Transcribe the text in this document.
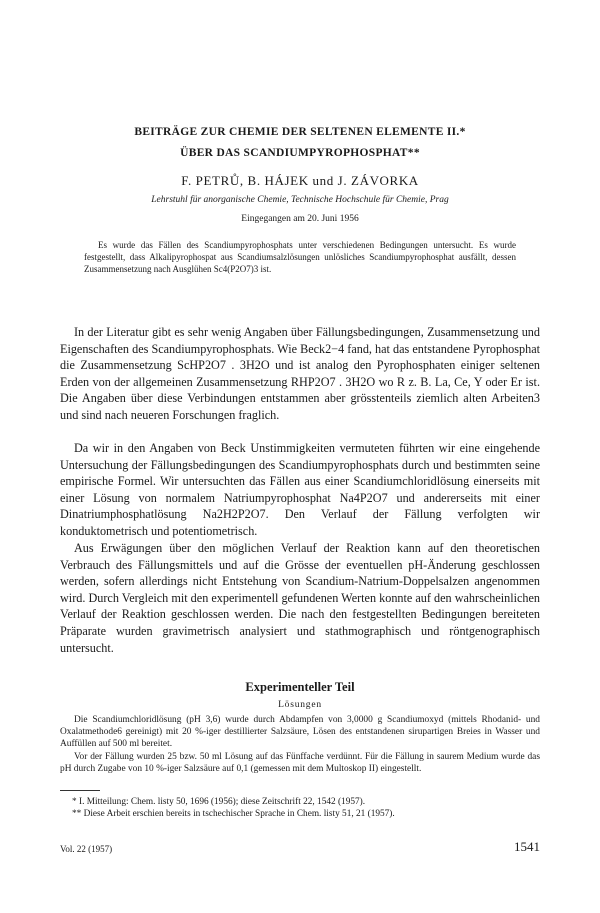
BEITRÄGE ZUR CHEMIE DER SELTENEN ELEMENTE II.*
ÜBER DAS SCANDIUMPYROPHOSPHAT**
F. PETRŮ, B. HÁJEK und J. ZÁVORKA
Lehrstuhl für anorganische Chemie, Technische Hochschule für Chemie, Prag
Eingegangen am 20. Juni 1956

Es wurde das Fällen des Scandiumpyrophosphats unter verschiedenen Bedingungen untersucht. Es wurde festgestellt, dass Alkalipyrophospat aus Scandiumsalzlösungen unlösliches Scandiumpyrophosphat ausfällt, dessen Zusammensetzung nach Ausglühen Sc4(P2O7)3 ist.

In der Literatur gibt es sehr wenig Angaben über Fällungsbedingungen, Zusammensetzung und Eigenschaften des Scandiumpyrophosphats. Wie Beck2−4 fand, hat das entstandene Pyrophosphat die Zusammensetzung ScHP2O7 . 3H2O und ist analog den Pyrophosphaten einiger seltenen Erden von der allgemeinen Zusammensetzung RHP2O7 . 3H2O wo R z. B. La, Ce, Y oder Er ist. Die Angaben über diese Verbindungen entstammen aber grösstenteils ziemlich alten Arbeiten3 und sind nach neueren Forschungen fraglich.

Da wir in den Angaben von Beck Unstimmigkeiten vermuteten führten wir eine eingehende Untersuchung der Fällungsbedingungen des Scandiumpyrophosphats durch und bestimmten seine empirische Formel. Wir untersuchten das Fällen aus einer Scandiumchloridlösung einerseits mit einer Lösung von normalem Natriumpyrophosphat Na4P2O7 und andererseits mit einer Dinatriumphosphatlösung Na2H2P2O7. Den Verlauf der Fällung verfolgten wir konduktometrisch und potentiometrisch.

Aus Erwägungen über den möglichen Verlauf der Reaktion kann auf den theoretischen Verbrauch des Fällungsmittels und auf die Grösse der eventuellen pH-Änderung geschlossen werden, sofern allerdings nicht Entstehung von Scandium-Natrium-Doppelsalzen angenommen wird. Durch Vergleich mit den experimentell gefundenen Werten konnte auf den wahrscheinlichen Verlauf der Reaktion geschlossen werden. Die nach den festgestellten Bedingungen bereiteten Präparate wurden gravimetrisch analysiert und stathmographisch und röntgenographisch untersucht.

Experimenteller Teil
Lösungen

Die Scandiumchloridlösung (pH 3,6) wurde durch Abdampfen von 3,0000 g Scandiumoxyd (mittels Rhodanid- und Oxalatmethode6 gereinigt) mit 20 %-iger destillierter Salzsäure, Lösen des entstandenen sirupartigen Breies in Wasser und Auffüllen auf 500 ml bereitet.

Vor der Fällung wurden 25 bzw. 50 ml Lösung auf das Fünffache verdünnt. Für die Fällung in saurem Medium wurde das pH durch Zugabe von 10 %-iger Salzsäure auf 0,1 (gemessen mit dem Multoskop II) eingestellt.

* I. Mitteilung: Chem. listy 50, 1696 (1956); diese Zeitschrift 22, 1542 (1957).

** Diese Arbeit erschien bereits in tschechischer Sprache in Chem. listy 51, 21 (1957).

Vol. 22 (1957)	1541
